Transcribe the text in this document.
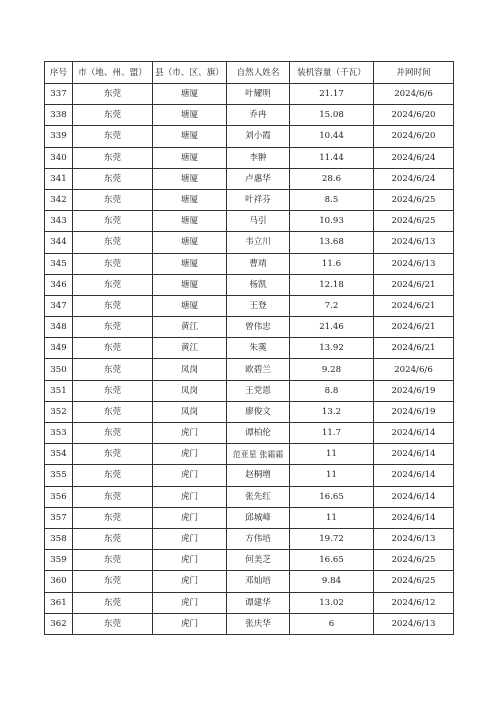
序号	市（地、州、盟）	县（市、区、旗）	自然人姓名	装机容量（千瓦）	并网时间
337	东莞	塘厦	叶耀明	21.17	2024/6/6
338	东莞	塘厦	乔冉	15.08	2024/6/20
339	东莞	塘厦	刘小霞	10.44	2024/6/20
340	东莞	塘厦	李翀	11.44	2024/6/24
341	东莞	塘厦	卢惠华	28.6	2024/6/24
342	东莞	塘厦	叶祥芬	8.5	2024/6/25
343	东莞	塘厦	马引	10.93	2024/6/25
344	东莞	塘厦	韦立川	13.68	2024/6/13
345	东莞	塘厦	曹靖	11.6	2024/6/13
346	东莞	塘厦	杨凯	12.18	2024/6/21
347	东莞	塘厦	王登	7.2	2024/6/21
348	东莞	黄江	曾伟忠	21.46	2024/6/21
349	东莞	黄江	朱霙	13.92	2024/6/21
350	东莞	凤岗	欧碧兰	9.28	2024/6/6
351	东莞	凤岗	王党恩	8.8	2024/6/19
352	东莞	凤岗	廖俊文	13.2	2024/6/19
353	东莞	虎门	谭柏伦	11.7	2024/6/14
354	东莞	虎门	范亚星 张霜霜	11	2024/6/14
355	东莞	虎门	赵桐增	11	2024/6/14
356	东莞	虎门	张先红	16.65	2024/6/14
357	东莞	虎门	邱城峰	11	2024/6/14
358	东莞	虎门	方伟培	19.72	2024/6/13
359	东莞	虎门	何美芝	16.65	2024/6/25
360	东莞	虎门	邓灿培	9.84	2024/6/25
361	东莞	虎门	谭建华	13.02	2024/6/12
362	东莞	虎门	张庆华	6	2024/6/13
